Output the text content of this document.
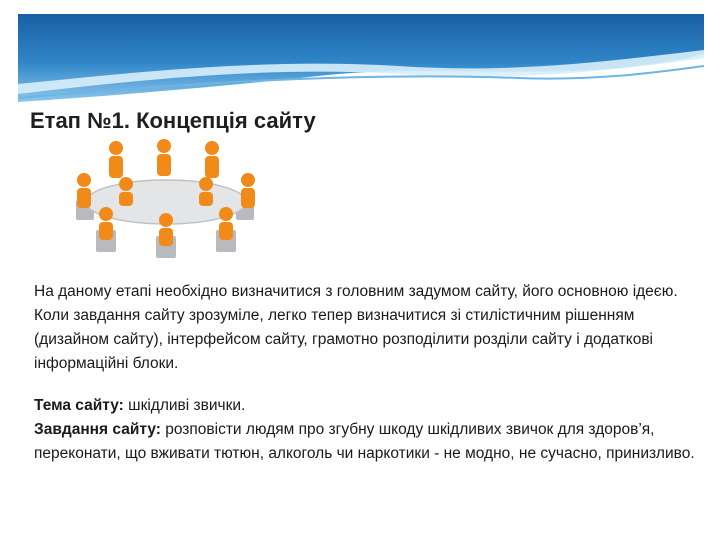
Етап №1. Концепція сайту

На даному етапі необхідно визначитися з головним задумом сайту, його основною ідеєю. Коли завдання сайту зрозуміле, легко тепер визначитися зі стилістичним рішенням (дизайном сайту), інтерфейсом сайту, грамотно розподілити розділи сайту і додаткові інформаційні блоки.

Тема сайту: шкідливі звички.
Завдання сайту: розповісти людям про згубну шкоду шкідливих звичок для здоров’я, переконати, що вживати тютюн, алкоголь чи наркотики - не модно, не сучасно, принизливо.
